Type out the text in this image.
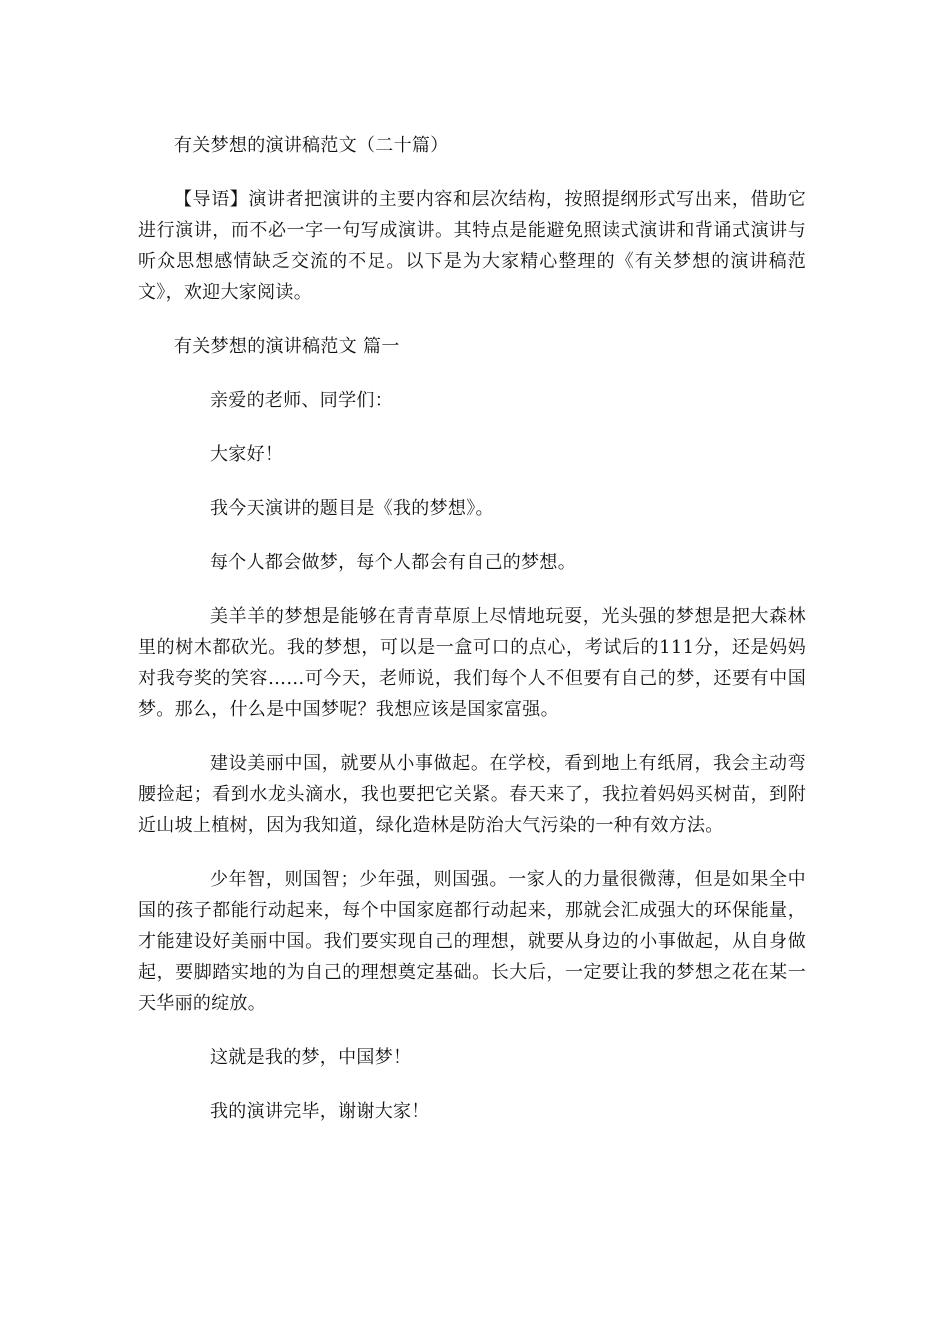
有关梦想的演讲稿范文（二十篇）

【导语】演讲者把演讲的主要内容和层次结构，按照提纲形式写出来，借助它进行演讲，而不必一字一句写成演讲。其特点是能避免照读式演讲和背诵式演讲与听众思想感情缺乏交流的不足。以下是为大家精心整理的《有关梦想的演讲稿范文》，欢迎大家阅读。

有关梦想的演讲稿范文 篇一

亲爱的老师、同学们：

大家好！

我今天演讲的题目是《我的梦想》。

每个人都会做梦，每个人都会有自己的梦想。

美羊羊的梦想是能够在青青草原上尽情地玩耍，光头强的梦想是把大森林里的树木都砍光。我的梦想，可以是一盒可口的点心，考试后的111分，还是妈妈对我夸奖的笑容……可今天，老师说，我们每个人不但要有自己的梦，还要有中国梦。那么，什么是中国梦呢？我想应该是国家富强。

建设美丽中国，就要从小事做起。在学校，看到地上有纸屑，我会主动弯腰捡起；看到水龙头滴水，我也要把它关紧。春天来了，我拉着妈妈买树苗，到附近山坡上植树，因为我知道，绿化造林是防治大气污染的一种有效方法。

少年智，则国智；少年强，则国强。一家人的力量很微薄，但是如果全中国的孩子都能行动起来，每个中国家庭都行动起来，那就会汇成强大的环保能量，才能建设好美丽中国。我们要实现自己的理想，就要从身边的小事做起，从自身做起，要脚踏实地的为自己的理想奠定基础。长大后，一定要让我的梦想之花在某一天华丽的绽放。

这就是我的梦，中国梦！

我的演讲完毕，谢谢大家！
